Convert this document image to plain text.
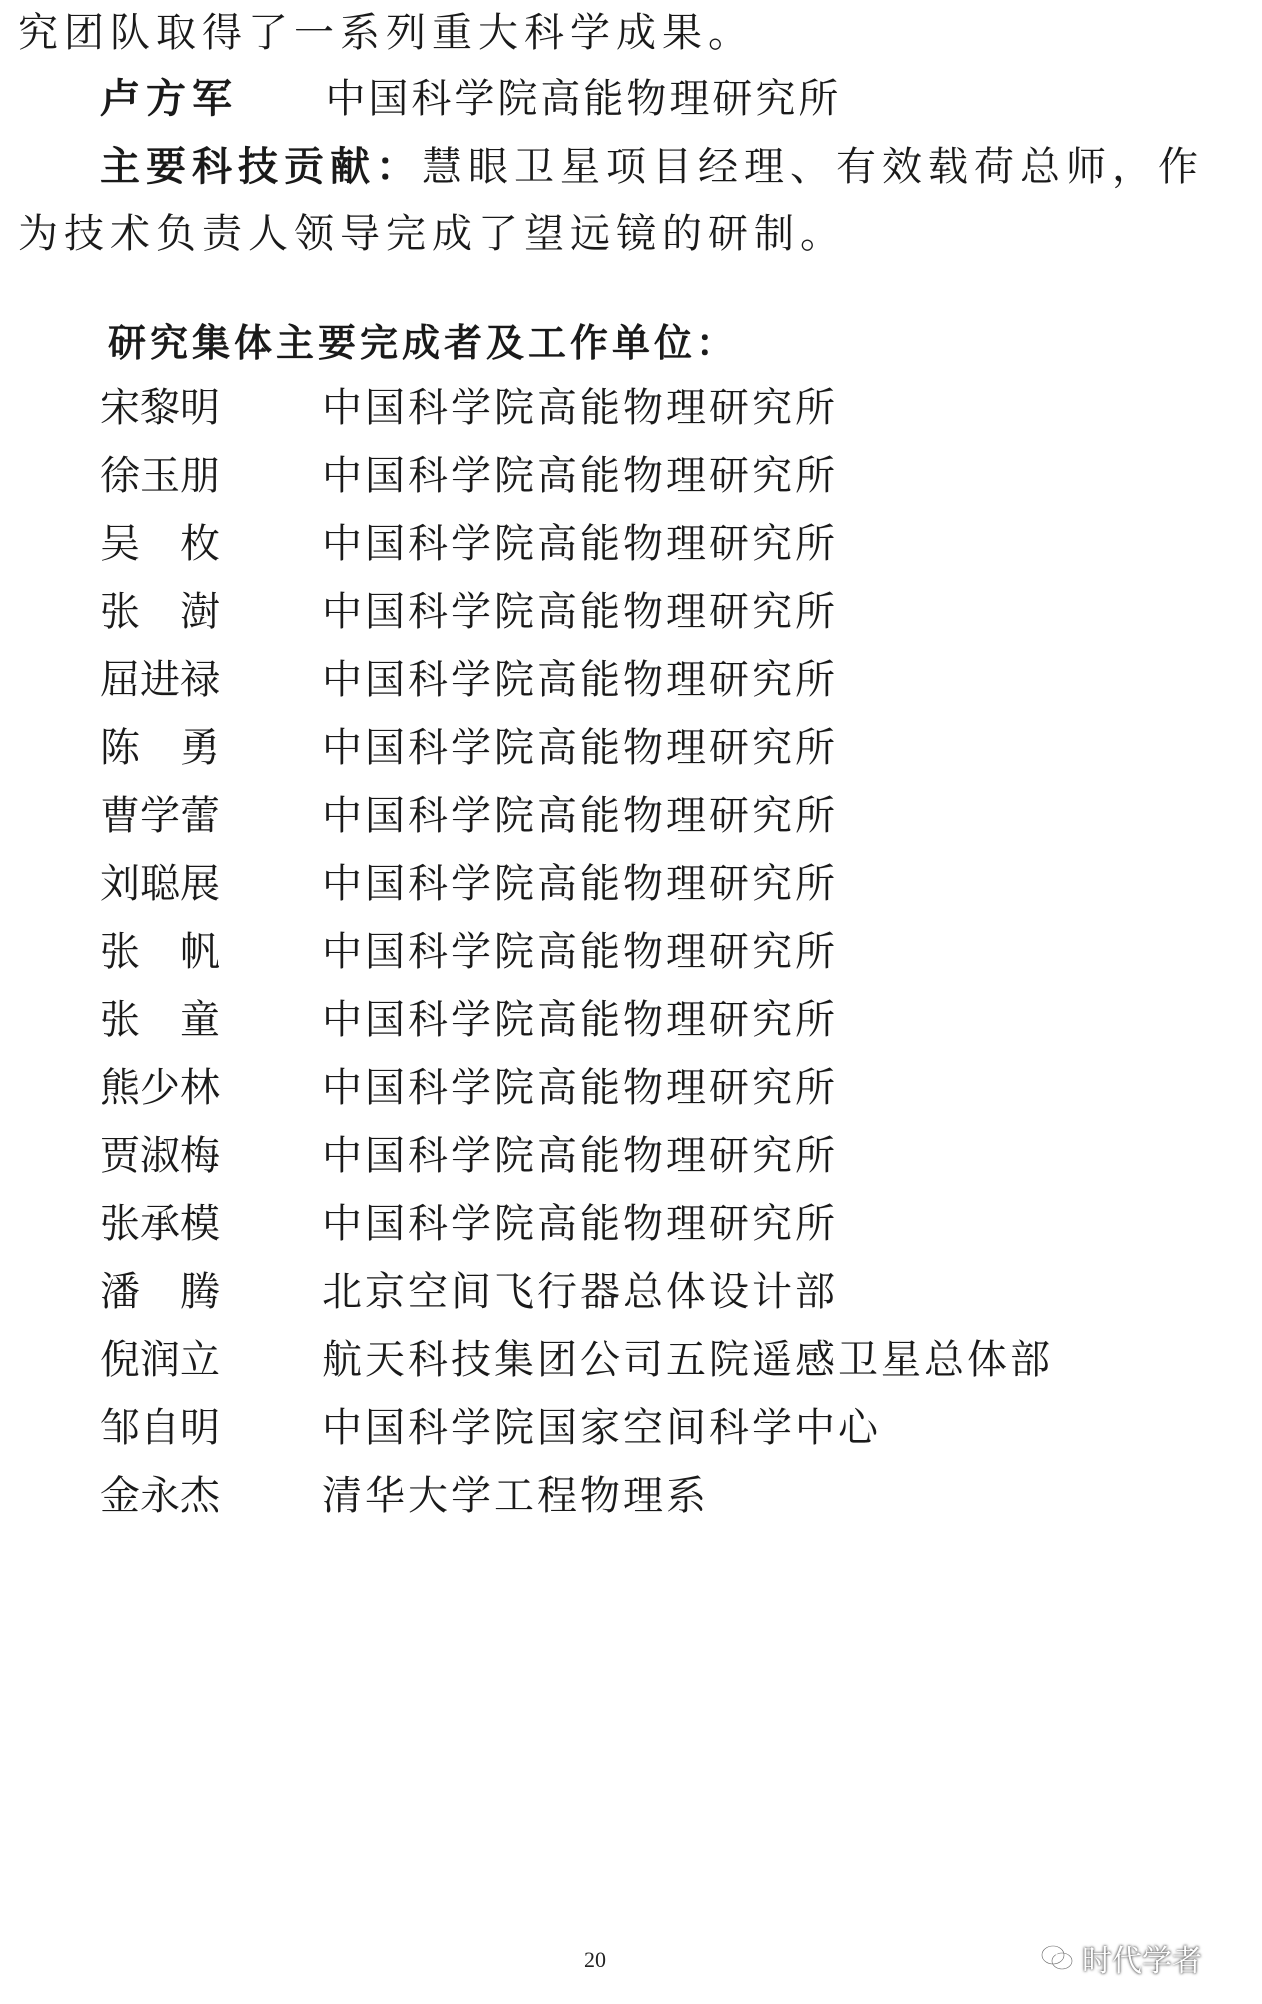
究团队取得了一系列重大科学成果。
卢方军 中国科学院高能物理研究所
主要科技贡献：慧眼卫星项目经理、有效载荷总师，作
为技术负责人领导完成了望远镜的研制。
研究集体主要完成者及工作单位：
宋黎明	中国科学院高能物理研究所
徐玉朋	中国科学院高能物理研究所
吴　枚	中国科学院高能物理研究所
张　澍	中国科学院高能物理研究所
屈进禄	中国科学院高能物理研究所
陈　勇	中国科学院高能物理研究所
曹学蕾	中国科学院高能物理研究所
刘聪展	中国科学院高能物理研究所
张　帆	中国科学院高能物理研究所
张　童	中国科学院高能物理研究所
熊少林	中国科学院高能物理研究所
贾淑梅	中国科学院高能物理研究所
张承模	中国科学院高能物理研究所
潘　腾	北京空间飞行器总体设计部
倪润立	航天科技集团公司五院遥感卫星总体部
邹自明	中国科学院国家空间科学中心
金永杰	清华大学工程物理系
20	时代学者
